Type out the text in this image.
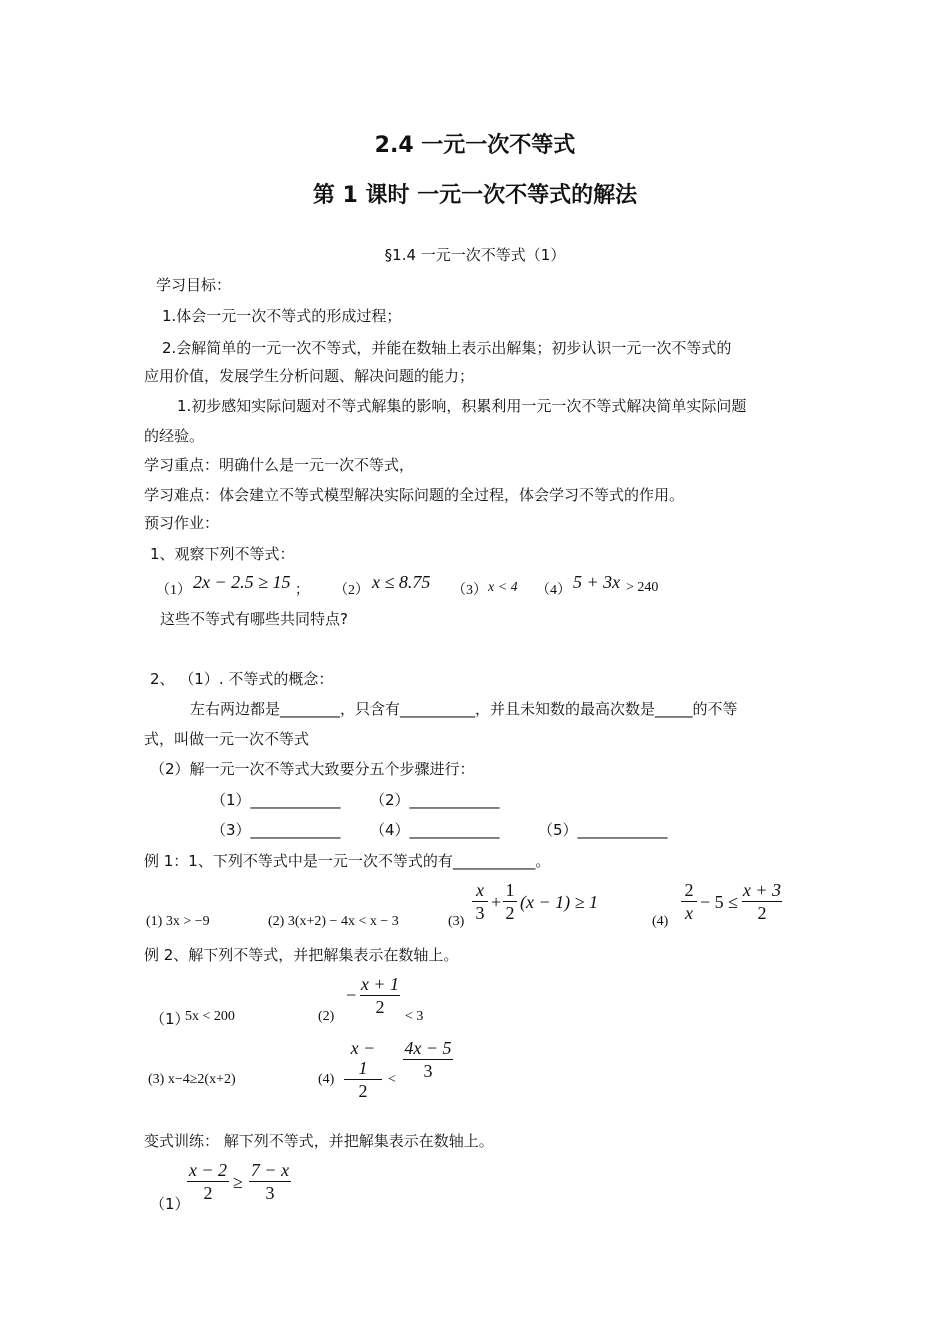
2.4 一元一次不等式
第 1 课时 一元一次不等式的解法
§1.4 一元一次不等式（1）
学习目标：
1.体会一元一次不等式的形成过程；
2.会解简单的一元一次不等式，并能在数轴上表示出解集；初步认识一元一次不等式的
应用价值，发展学生分析问题、解决问题的能力；
1.初步感知实际问题对不等式解集的影响，积累利用一元一次不等式解决简单实际问题
的经验。
学习重点：明确什么是一元一次不等式，
学习难点：体会建立不等式模型解决实际问题的全过程，体会学习不等式的作用。
预习作业：
1、观察下列不等式：
（1） 2x − 2.5 ≥ 15 ； （2） x ≤ 8.75 （3） x < 4 （4） 5 + 3x > 240
这些不等式有哪些共同特点?
2、 （1）. 不等式的概念：
左右两边都是________，只含有__________，并且未知数的最高次数是_____的不等
式，叫做一元一次不等式
（2）解一元一次不等式大致要分五个步骤进行：
（1）____________ （2）____________
（3）____________ （4）____________	（5）____________
例 1：1、下列不等式中是一元一次不等式的有___________。
(1) 3x > −9	(2) 3(x+2) − 4x < x − 3	(3)
x
3
+
1
2
(x − 1) ≥ 1
(4)
2
x
− 5 ≤
x + 3
2
例 2、解下列不等式，并把解集表示在数轴上。
（1）
5x < 200	(2)
−
x + 1
2	< 3
(3) x−4≥2(x+2)	(4)
x − 1
2
<
4x − 5
3
变式训练： 解下列不等式，并把解集表示在数轴上。
（1）
x − 2
2
≥
7 − x
3
